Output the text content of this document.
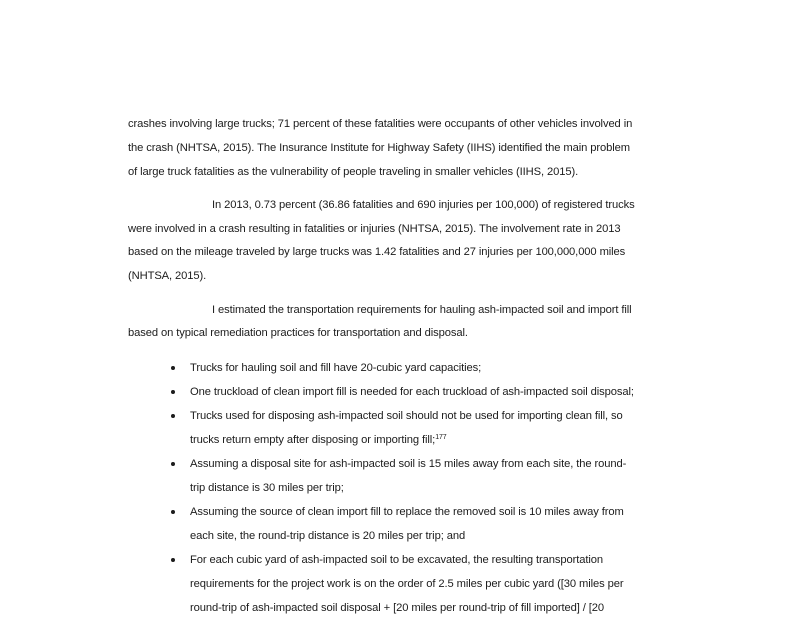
crashes involving large trucks; 71 percent of these fatalities were occupants of other vehicles involved in
the crash (NHTSA, 2015). The Insurance Institute for Highway Safety (IIHS) identified the main problem
of large truck fatalities as the vulnerability of people traveling in smaller vehicles (IIHS, 2015).
In 2013, 0.73 percent (36.86 fatalities and 690 injuries per 100,000) of registered trucks
were involved in a crash resulting in fatalities or injuries (NHTSA, 2015). The involvement rate in 2013
based on the mileage traveled by large trucks was 1.42 fatalities and 27 injuries per 100,000,000 miles
(NHTSA, 2015).
I estimated the transportation requirements for hauling ash-impacted soil and import fill
based on typical remediation practices for transportation and disposal.
Trucks for hauling soil and fill have 20-cubic yard capacities;
One truckload of clean import fill is needed for each truckload of ash-impacted soil disposal;
Trucks used for disposing ash-impacted soil should not be used for importing clean fill, so
trucks return empty after disposing or importing fill;$^{177}$
Assuming a disposal site for ash-impacted soil is 15 miles away from each site, the round-
trip distance is 30 miles per trip;
Assuming the source of clean import fill to replace the removed soil is 10 miles away from
each site, the round-trip distance is 20 miles per trip; and
For each cubic yard of ash-impacted soil to be excavated, the resulting transportation
requirements for the project work is on the order of 2.5 miles per cubic yard ([30 miles per
round-trip of ash-impacted soil disposal + [20 miles per round-trip of fill imported] / [20
